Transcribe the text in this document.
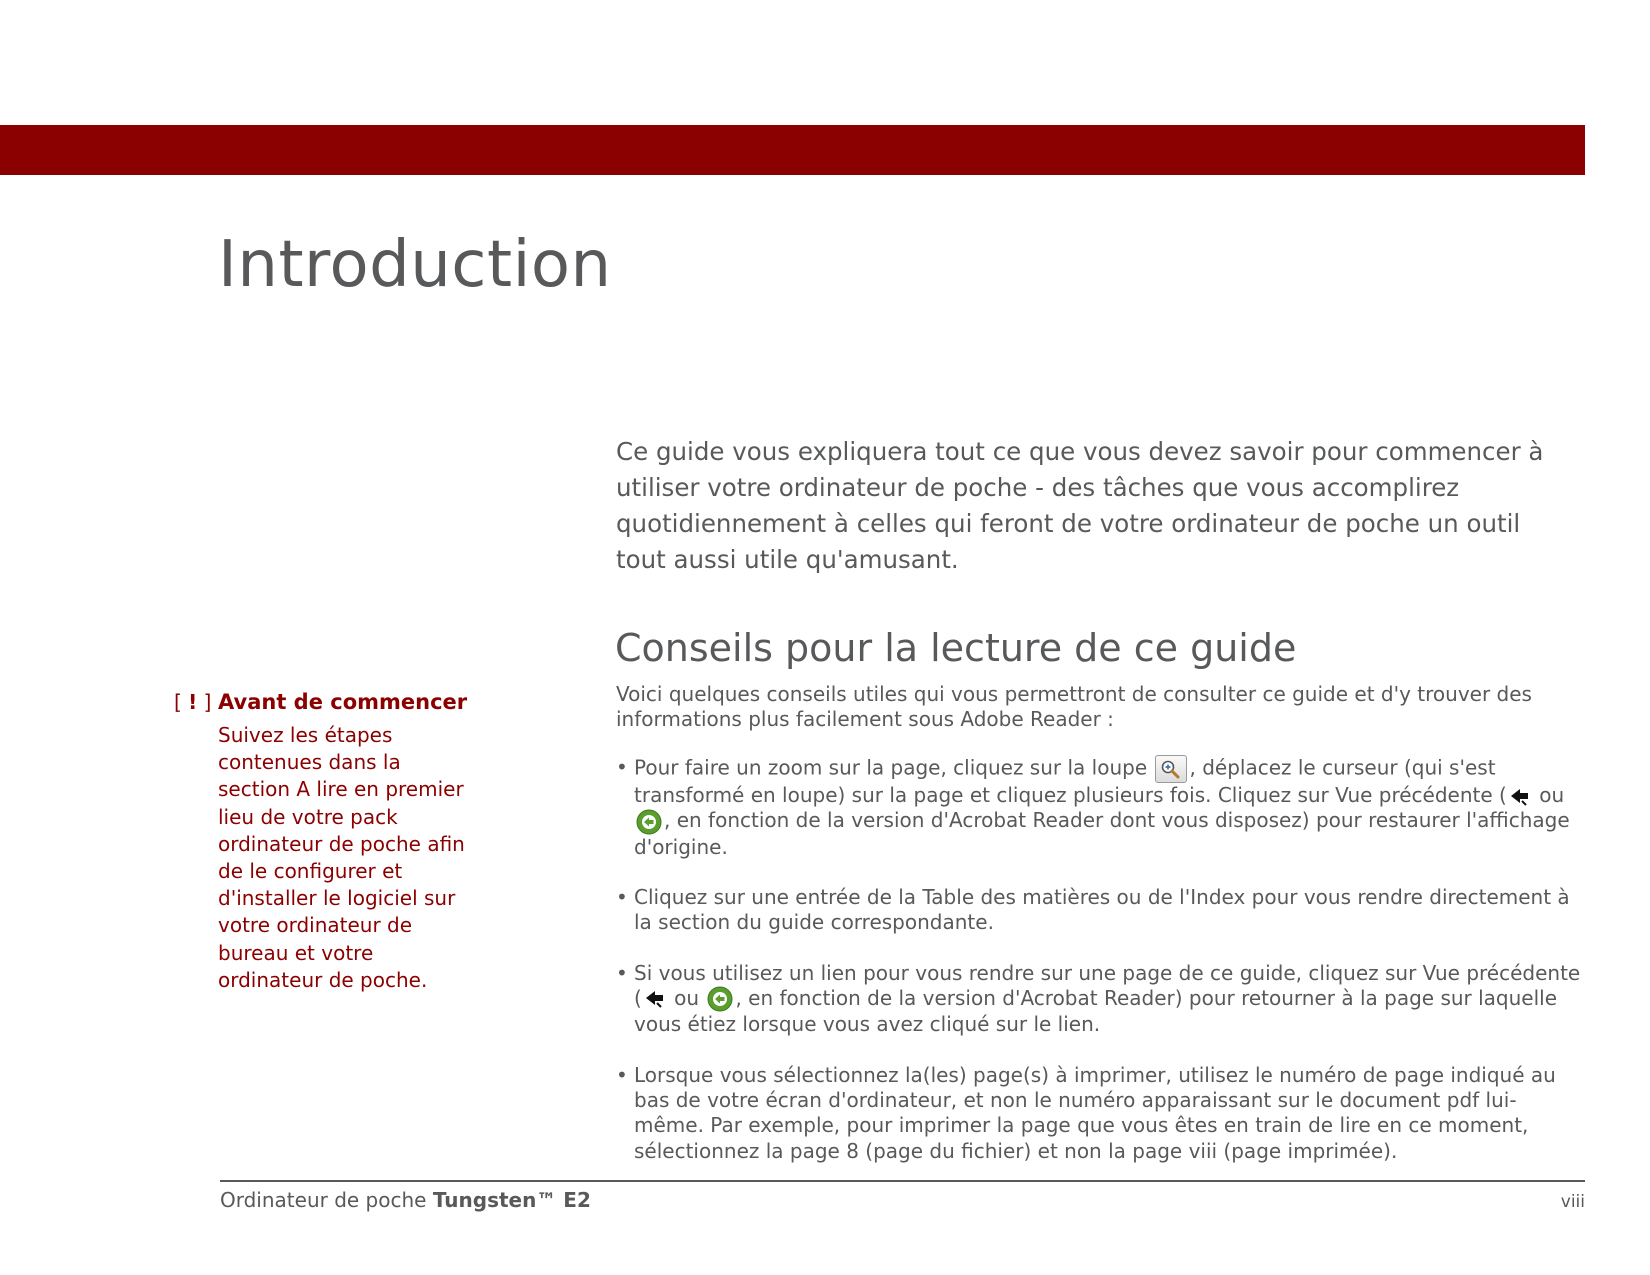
Introduction

Ce guide vous expliquera tout ce que vous devez savoir pour commencer à utiliser votre ordinateur de poche - des tâches que vous accomplirez quotidiennement à celles qui feront de votre ordinateur de poche un outil tout aussi utile qu'amusant.

Conseils pour la lecture de ce guide

Voici quelques conseils utiles qui vous permettront de consulter ce guide et d'y trouver des informations plus facilement sous Adobe Reader :

• Pour faire un zoom sur la page, cliquez sur la loupe
, déplacez le curseur (qui s'est transformé en loupe) sur la page et cliquez plusieurs fois. Cliquez sur Vue précédente ( ou , en fonction de la version d'Acrobat Reader dont vous disposez) pour restaurer l'affichage d'origine.
• Cliquez sur une entrée de la Table des matières ou de l'Index pour vous rendre directement à la section du guide correspondante.
• Si vous utilisez un lien pour vous rendre sur une page de ce guide, cliquez sur Vue précédente ( ou , en fonction de la version d'Acrobat Reader) pour retourner à la page sur laquelle vous étiez lorsque vous avez cliqué sur le lien.
• Lorsque vous sélectionnez la(les) page(s) à imprimer, utilisez le numéro de page indiqué au bas de votre écran d'ordinateur, et non le numéro apparaissant sur le document pdf lui-même. Par exemple, pour imprimer la page que vous êtes en train de lire en ce moment, sélectionnez la page 8 (page du fichier) et non la page viii (page imprimée).
[ ! ] Avant de commencer

Suivez les étapes contenues dans la section A lire en premier lieu de votre pack ordinateur de poche afin de le configurer et d'installer le logiciel sur votre ordinateur de bureau et votre ordinateur de poche.

Ordinateur de poche Tungsten™ E2	viii
